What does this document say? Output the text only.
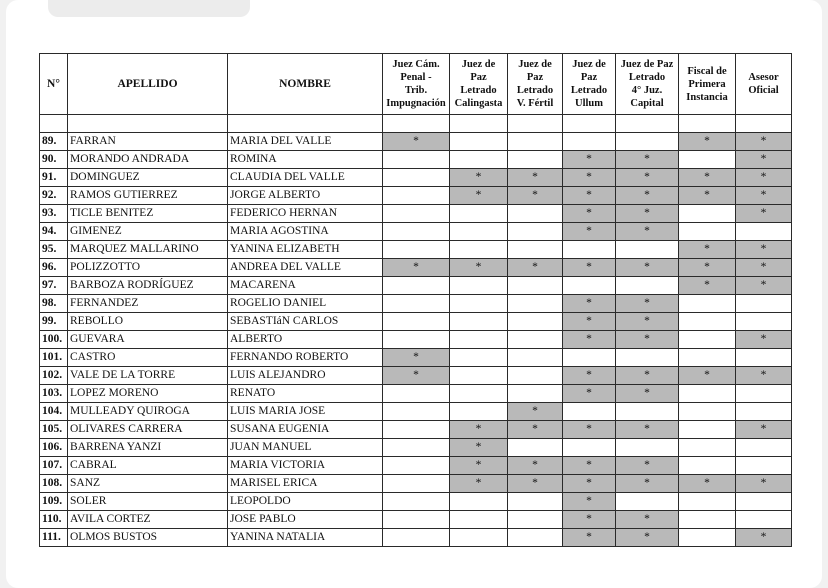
N°	APELLIDO	NOMBRE	Juez Cám.
Penal -
Trib.
Impugnación	Juez de
Paz
Letrado
Calingasta	Juez de
Paz
Letrado
V. Fértil	Juez de
Paz
Letrado
Ullum	Juez de Paz
Letrado
4° Juz.
Capital	Fiscal de
Primera
Instancia	Asesor
Oficial

89.	FARRAN	MARIA DEL VALLE	*					*	*
90.	MORANDO ANDRADA	ROMINA				*	*		*
91.	DOMINGUEZ	CLAUDIA DEL VALLE		*	*	*	*	*	*
92.	RAMOS GUTIERREZ	JORGE ALBERTO		*	*	*	*	*	*
93.	TICLE BENITEZ	FEDERICO HERNAN				*	*		*
94.	GIMENEZ	MARIA AGOSTINA				*	*		
95.	MARQUEZ MALLARINO	YANINA ELIZABETH						*	*
96.	POLIZZOTTO	ANDREA DEL VALLE	*	*	*	*	*	*	*
97.	BARBOZA RODRÍGUEZ	MACARENA						*	*
98.	FERNANDEZ	ROGELIO DANIEL				*	*		
99.	REBOLLO	SEBASTIáN CARLOS				*	*		
100.	GUEVARA	ALBERTO				*	*		*
101.	CASTRO	FERNANDO ROBERTO	*						
102.	VALE DE LA TORRE	LUIS ALEJANDRO	*			*	*	*	*
103.	LOPEZ MORENO	RENATO				*	*		
104.	MULLEADY QUIROGA	LUIS MARIA JOSE			*				
105.	OLIVARES CARRERA	SUSANA EUGENIA		*	*	*	*		*
106.	BARRENA YANZI	JUAN MANUEL		*					
107.	CABRAL	MARIA VICTORIA		*	*	*	*		
108.	SANZ	MARISEL ERICA		*	*	*	*	*	*
109.	SOLER	LEOPOLDO				*			
110.	AVILA CORTEZ	JOSE PABLO				*	*		
111.	OLMOS BUSTOS	YANINA NATALIA				*	*		*
